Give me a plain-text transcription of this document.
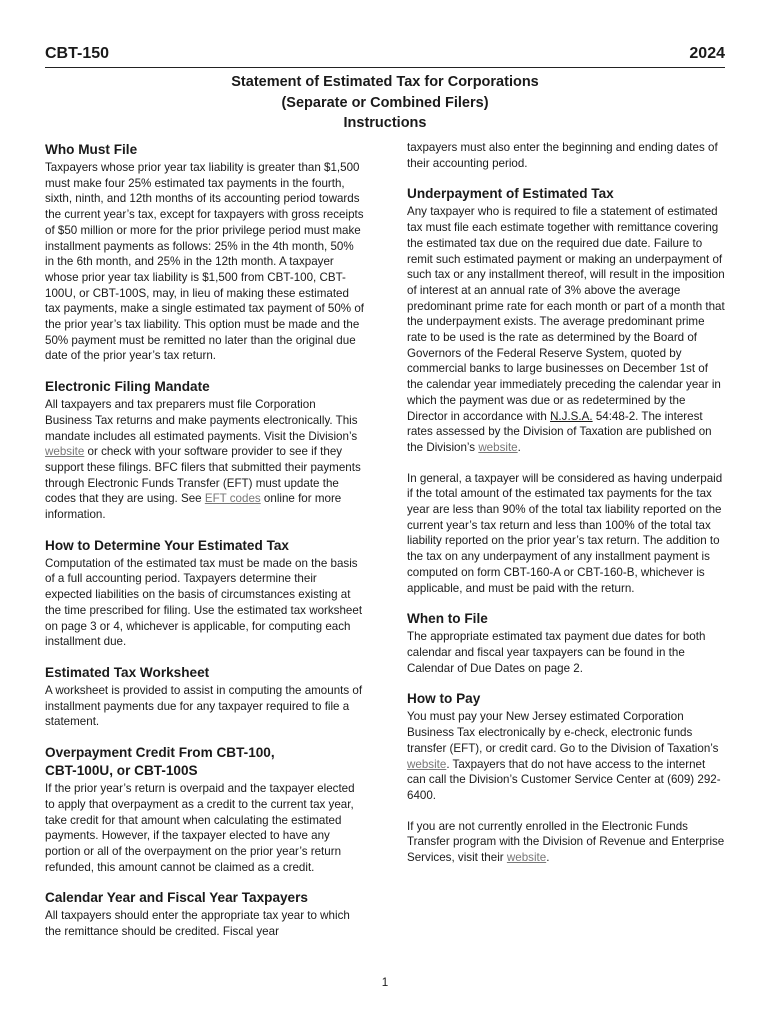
CBT-150	2024
Statement of Estimated Tax for Corporations
(Separate or Combined Filers)
Instructions
Who Must File

Taxpayers whose prior year tax liability is greater than $1,500 must make four 25% estimated tax payments in the fourth, sixth, ninth, and 12th months of its accounting period towards the current year’s tax, except for taxpayers with gross receipts of $50 million or more for the prior privilege period must make installment payments as follows: 25% in the 4th month, 50% in the 6th month, and 25% in the 12th month. A taxpayer whose prior year tax liability is $1,500 from CBT-100, CBT-100U, or CBT-100S, may, in lieu of making these estimated tax payments, make a single estimated tax payment of 50% of the prior year’s tax liability. This option must be made and the 50% payment must be remitted no later than the original due date of the prior year’s tax return.

Electronic Filing Mandate

All taxpayers and tax preparers must file Corporation Business Tax returns and make payments electronically. This mandate includes all estimated payments. Visit the Division’s website or check with your software provider to see if they support these filings. BFC filers that submitted their payments through Electronic Funds Transfer (EFT) must update the codes that they are using. See EFT codes online for more information.

How to Determine Your Estimated Tax

Computation of the estimated tax must be made on the basis of a full accounting period. Taxpayers determine their expected liabilities on the basis of circumstances existing at the time prescribed for filing. Use the estimated tax worksheet on page 3 or 4, whichever is applicable, for computing each installment due.

Estimated Tax Worksheet

A worksheet is provided to assist in computing the amounts of installment payments due for any taxpayer required to file a statement.

Overpayment Credit From CBT-100,
CBT-100U, or CBT-100S

If the prior year’s return is overpaid and the taxpayer elected to apply that overpayment as a credit to the current tax year, take credit for that amount when calculating the estimated payments. However, if the taxpayer elected to have any portion or all of the overpayment on the prior year’s return refunded, this amount cannot be claimed as a credit.

Calendar Year and Fiscal Year Taxpayers

All taxpayers should enter the appropriate tax year to which the remittance should be credited. Fiscal year

taxpayers must also enter the beginning and ending dates of their accounting period.

Underpayment of Estimated Tax

Any taxpayer who is required to file a statement of estimated tax must file each estimate together with remittance covering the estimated tax due on the required due date. Failure to remit such estimated payment or making an underpayment of such tax or any installment thereof, will result in the imposition of interest at an annual rate of 3% above the average predominant prime rate for each month or part of a month that the underpayment exists. The average predominant prime rate to be used is the rate as determined by the Board of Governors of the Federal Reserve System, quoted by commercial banks to large businesses on December 1st of the calendar year immediately preceding the calendar year in which the payment was due or as redetermined by the Director in accordance with N.J.S.A. 54:48-2. The interest rates assessed by the Division of Taxation are published on the Division’s website.

In general, a taxpayer will be considered as having underpaid if the total amount of the estimated tax payments for the tax year are less than 90% of the total tax liability reported on the current year’s tax return and less than 100% of the total tax liability reported on the prior year’s tax return. The addition to the tax on any underpayment of any installment payment is computed on form CBT-160-A or CBT-160-B, whichever is applicable, and must be paid with the return.

When to File

The appropriate estimated tax payment due dates for both calendar and fiscal year taxpayers can be found in the Calendar of Due Dates on page 2.

How to Pay

You must pay your New Jersey estimated Corporation Business Tax electronically by e-check, electronic funds transfer (EFT), or credit card. Go to the Division of Taxation’s website. Taxpayers that do not have access to the internet can call the Division’s Customer Service Center at (609) 292-6400.

If you are not currently enrolled in the Electronic Funds Transfer program with the Division of Revenue and Enterprise Services, visit their website.

1
